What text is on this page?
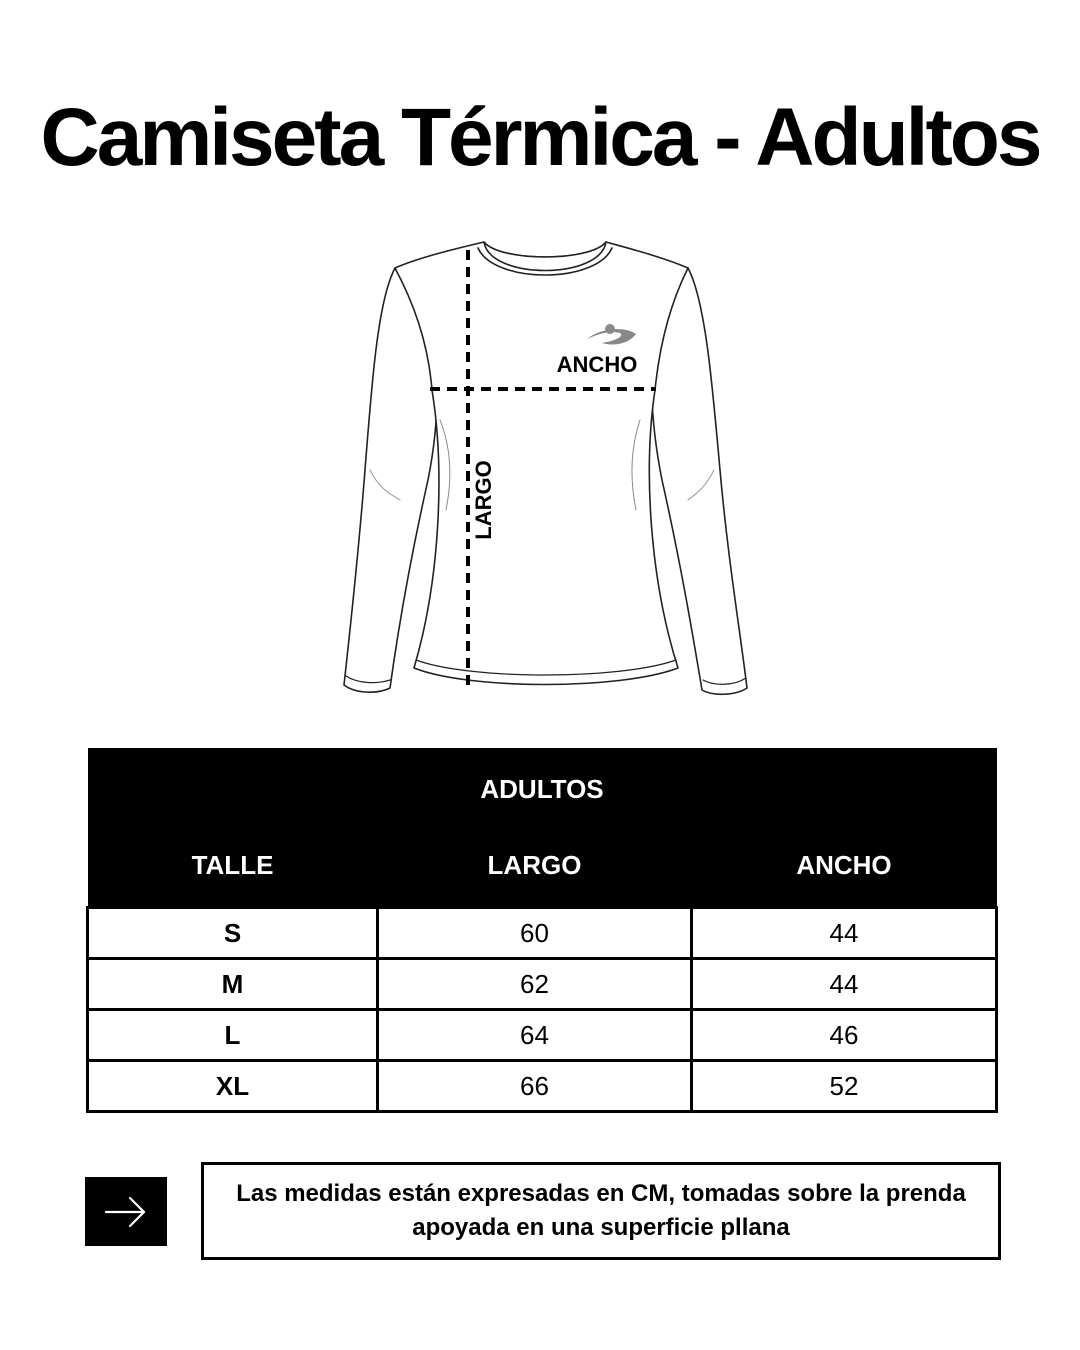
Camiseta Térmica - Adultos
ANCHO
LARGO
ADULTOS		
TALLE	LARGO	ANCHO
S	60	44
M	62	44
L	64	46
XL	66	52
Las medidas están expresadas en CM, tomadas sobre la prenda apoyada en una superficie pllana
